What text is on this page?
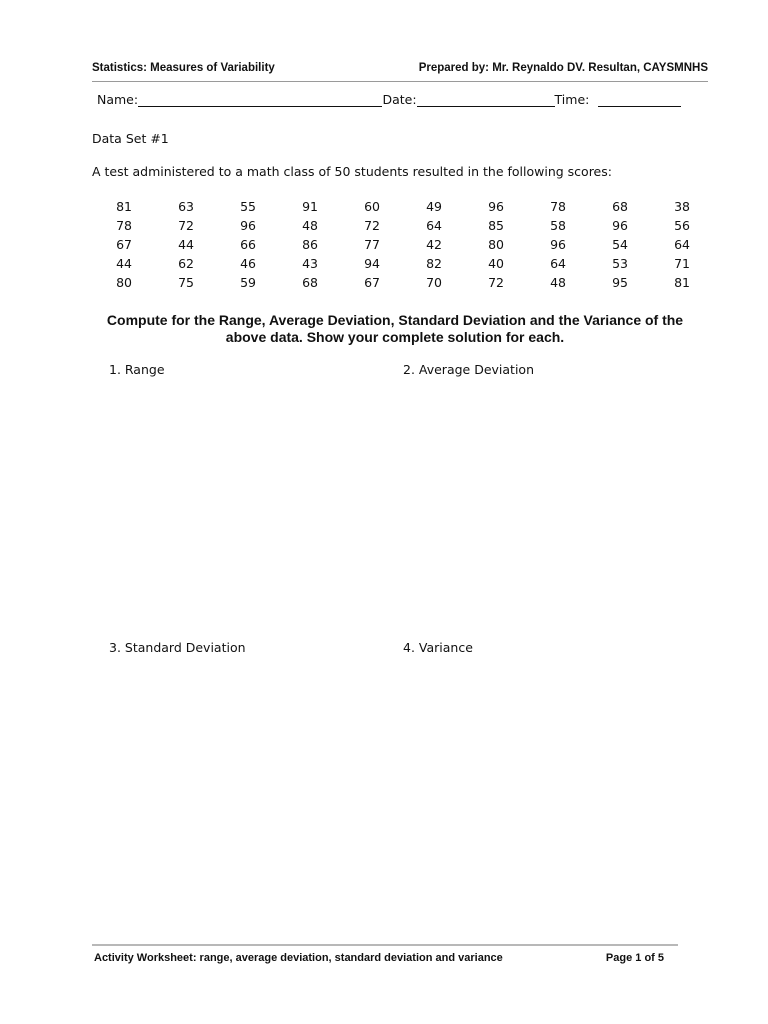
Statistics: Measures of Variability	Prepared by: Mr. Reynaldo DV. Resultan, CAYSMNHS
Name:	Date:	Time:
Data Set #1
A test administered to a math class of 50 students resulted in the following scores:
81	63	55	91	60	49	96	78	68	38
78	72	96	48	72	64	85	58	96	56
67	44	66	86	77	42	80	96	54	64
44	62	46	43	94	82	40	64	53	71
80	75	59	68	67	70	72	48	95	81
Compute for the Range, Average Deviation, Standard Deviation and the Variance of the above data. Show your complete solution for each.
1. Range	2. Average Deviation
3. Standard Deviation	4. Variance
Activity Worksheet: range, average deviation, standard deviation and variance	Page 1 of 5
